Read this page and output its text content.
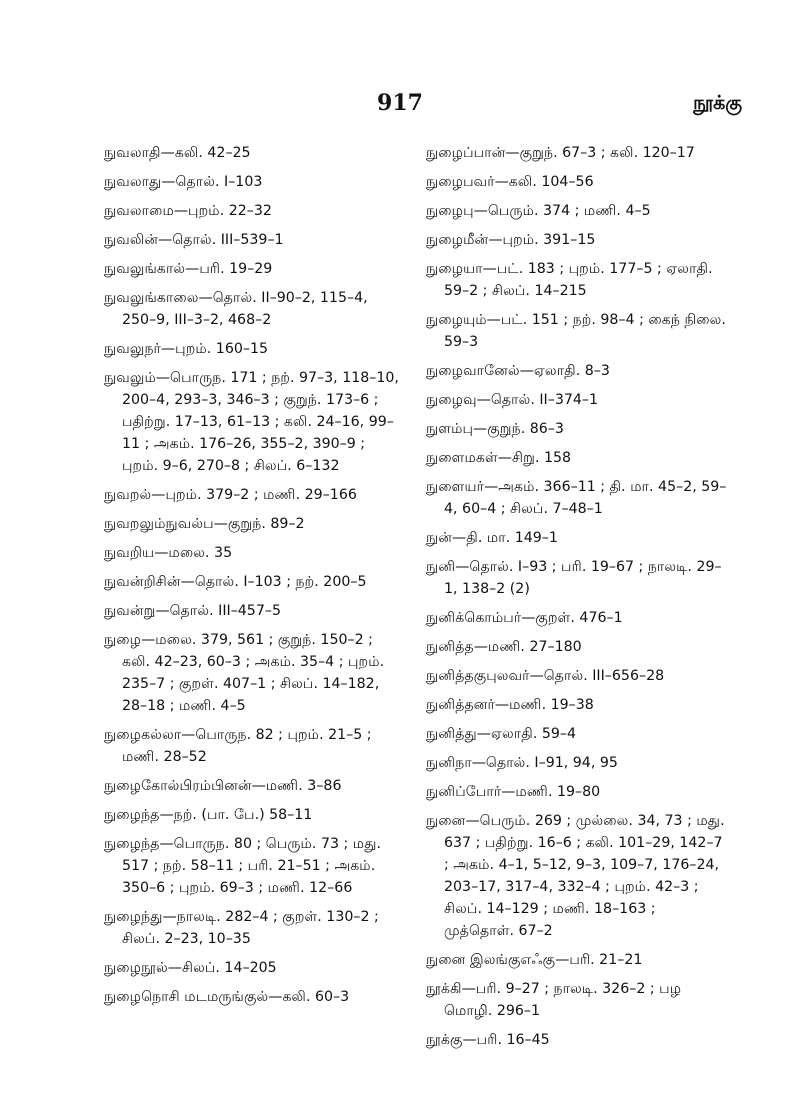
917	நூக்கு
நுவலாதி—கலி. 42–25
நுவலாது—தொல். I–103
நுவலாமை—புறம். 22–32
நுவலின்—தொல். III–539–1
நுவலுங்கால்—பரி. 19–29
நுவலுங்காலை—தொல். II–90–2, 115–4, 250–9, III–3–2, 468–2
நுவலுநர்—புறம். 160–15
நுவலும்—பொருந. 171 ; நற். 97–3, 118–10, 200–4, 293–3, 346–3 ; குறுந். 173–6 ; பதிற்று. 17–13, 61–13 ; கலி. 24–16, 99–11 ; அகம். 176–26, 355–2, 390–9 ; புறம். 9–6, 270–8 ; சிலப். 6–132
நுவறல்—புறம். 379–2 ; மணி. 29–166
நுவறலும்நுவல்ப—குறுந். 89–2
நுவறிய—மலை. 35
நுவன்றிசின்—தொல். I–103 ; நற். 200–5
நுவன்று—தொல். III–457–5
நுழை—மலை. 379, 561 ; குறுந். 150–2 ; கலி. 42–23, 60–3 ; அகம். 35–4 ; புறம். 235–7 ; குறள். 407–1 ; சிலப். 14–182, 28–18 ; மணி. 4–5
நுழைகல்லா—பொருந. 82 ; புறம். 21–5 ; மணி. 28–52
நுழைகோல்பிரம்பினன்—மணி. 3–86
நுழைந்த—நற். (பா. பே.) 58–11
நுழைந்த—பொருந. 80 ; பெரும். 73 ; மது. 517 ; நற். 58–11 ; பரி. 21–51 ; அகம். 350–6 ; புறம். 69–3 ; மணி. 12–66
நுழைந்து—நாலடி. 282–4 ; குறள். 130–2 ; சிலப். 2–23, 10–35
நுழைநூல்—சிலப். 14–205
நுழைநொசி மடமருங்குல்—கலி. 60–3
நுழைப்பான்—குறுந். 67–3 ; கலி. 120–17
நுழைபவர்—கலி. 104–56
நுழைபு—பெரும். 374 ; மணி. 4–5
நுழைமீன்—புறம். 391–15
நுழையா—பட். 183 ; புறம். 177–5 ; ஏலாதி. 59–2 ; சிலப். 14–215
நுழையும்—பட். 151 ; நற். 98–4 ; கைந் நிலை. 59–3
நுழைவானேல்—ஏலாதி. 8–3
நுழைவு—தொல். II–374–1
நுளம்பு—குறுந். 86–3
நுளைமகள்—சிறு. 158
நுளையர்—அகம். 366–11 ; தி. மா. 45–2, 59–4, 60–4 ; சிலப். 7–48–1
நுன்—தி. மா. 149–1
நுனி—தொல். I–93 ; பரி. 19–67 ; நாலடி. 29–1, 138–2 (2)
நுனிக்கொம்பர்—குறள். 476–1
நுனித்த—மணி. 27–180
நுனித்தகுபுலவர்—தொல். III–656–28
நுனித்தனர்—மணி. 19–38
நுனித்து—ஏலாதி. 59–4
நுனிநா—தொல். I–91, 94, 95
நுனிப்போர்—மணி. 19–80
நுனை—பெரும். 269 ; முல்லை. 34, 73 ; மது. 637 ; பதிற்று. 16–6 ; கலி. 101–29, 142–7 ; அகம். 4–1, 5–12, 9–3, 109–7, 176–24, 203–17, 317–4, 332–4 ; புறம். 42–3 ; சிலப். 14–129 ; மணி. 18–163 ; முத்தொள். 67–2
நுனை இலங்குஎஃகு—பரி. 21–21
நூக்கி—பரி. 9–27 ; நாலடி. 326–2 ; பழ மொழி. 296–1
நூக்கு—பரி. 16–45
